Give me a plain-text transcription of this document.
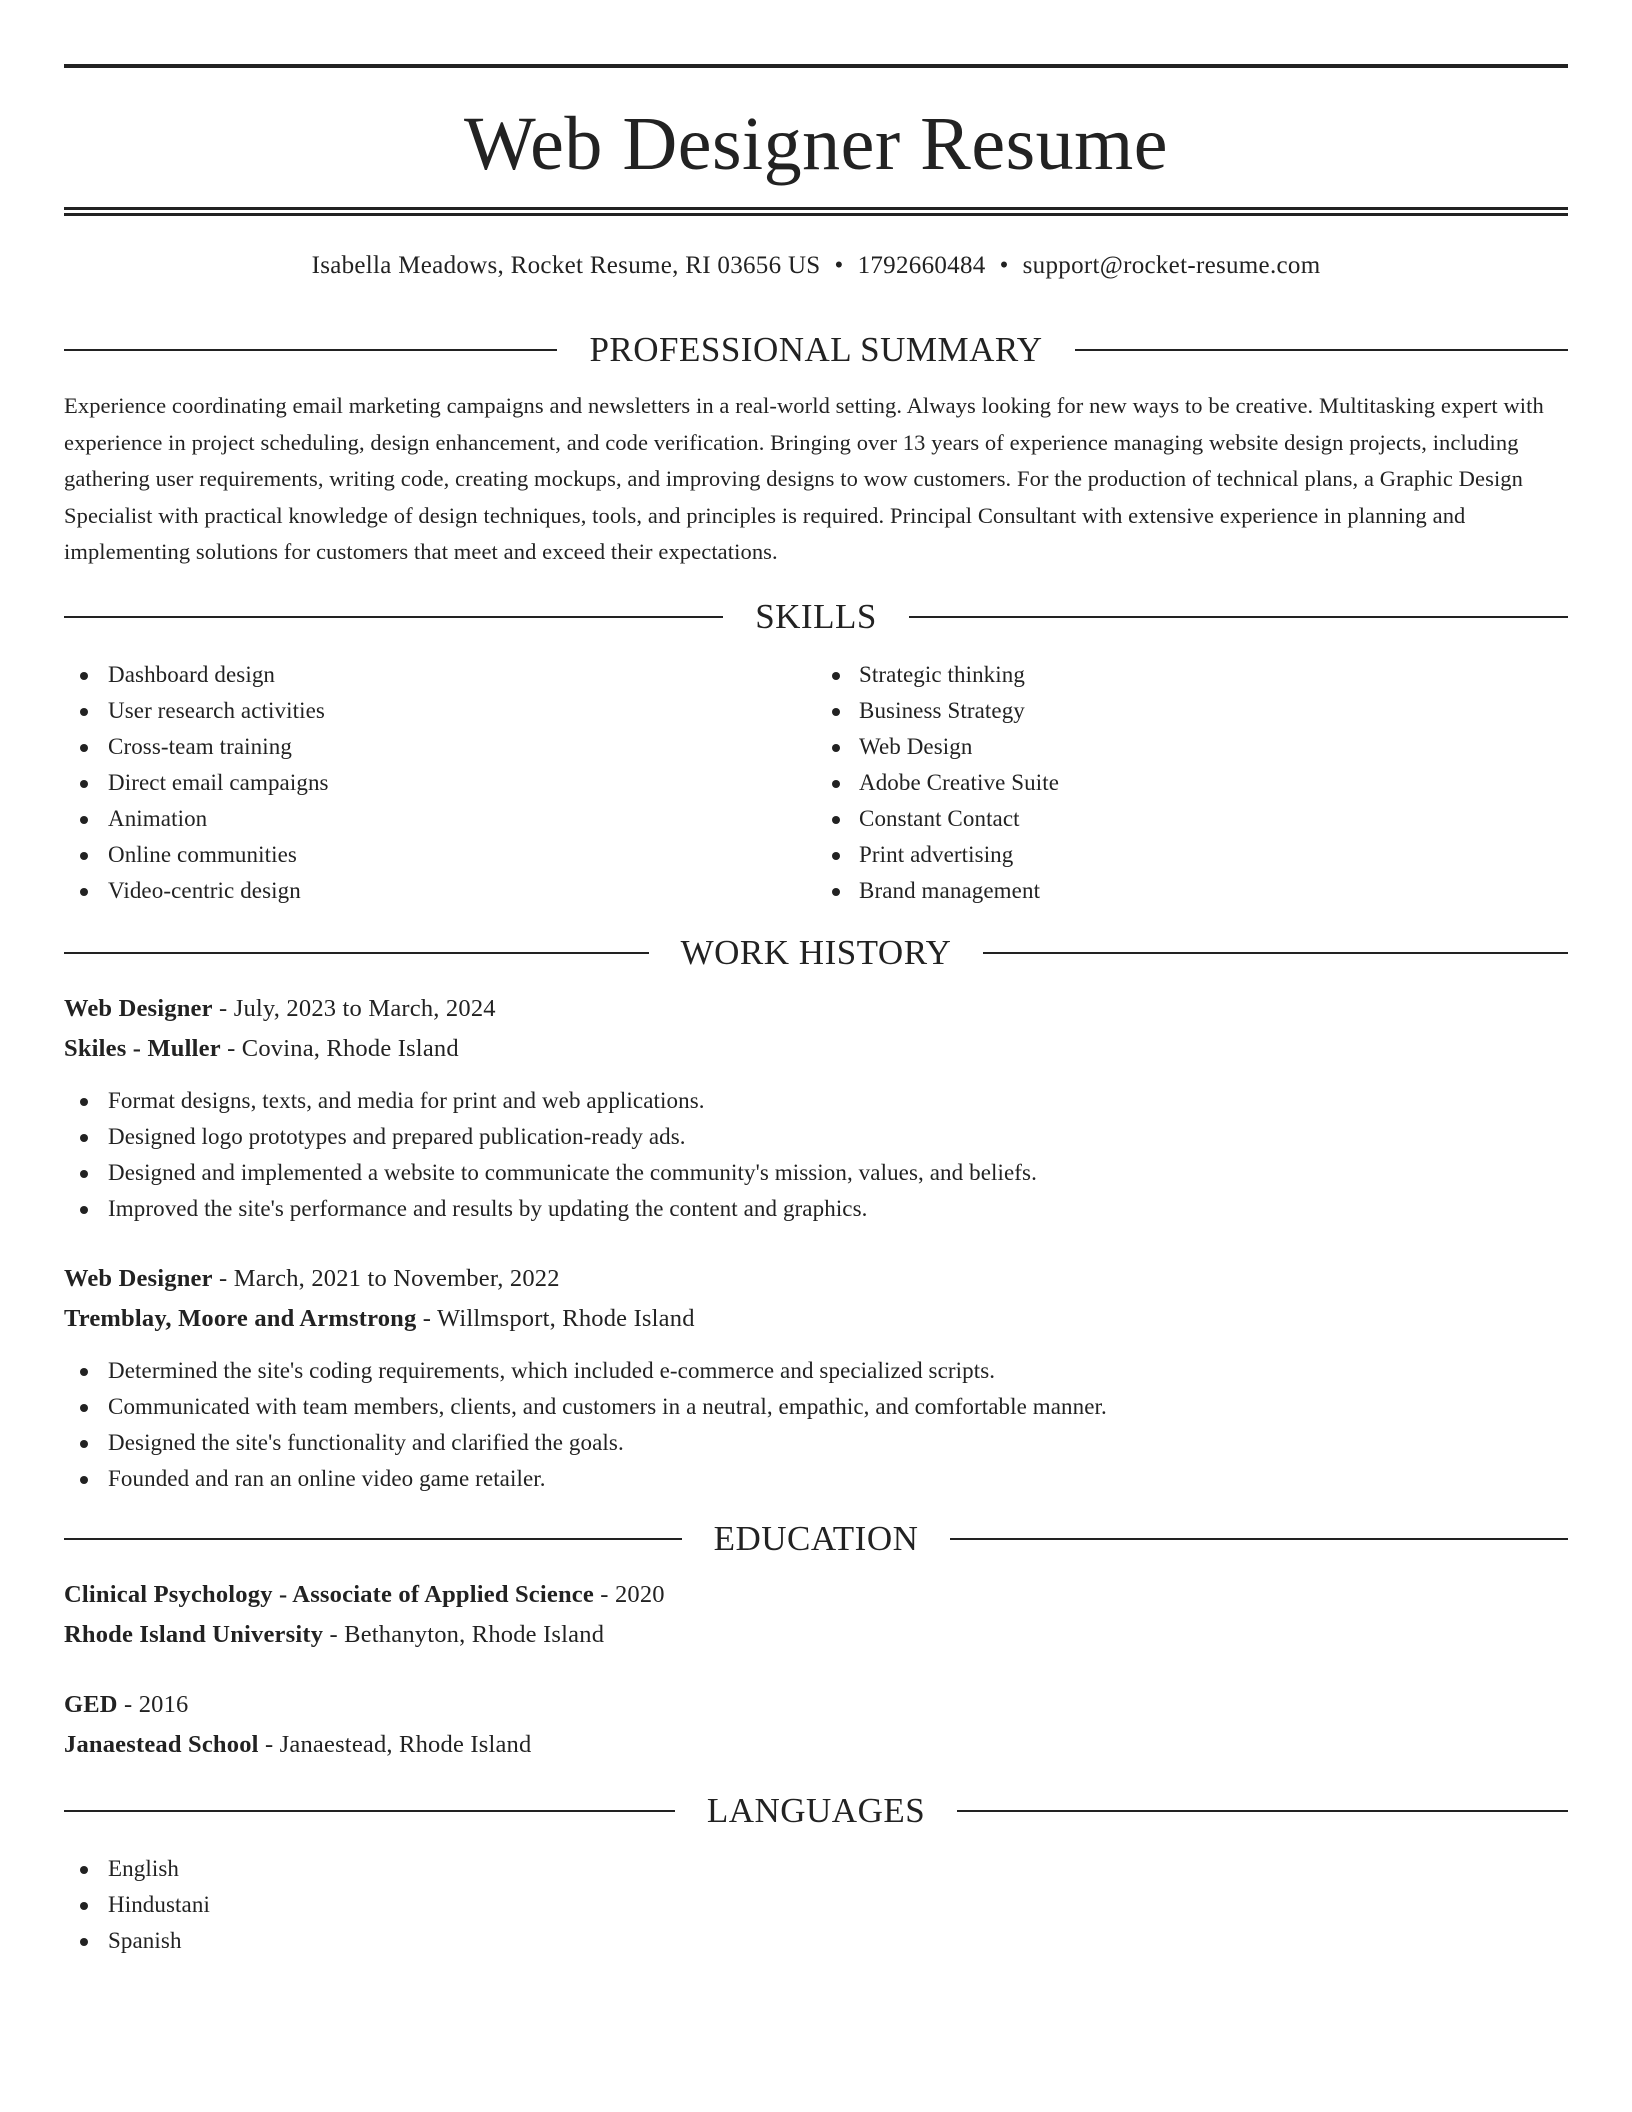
Web Designer Resume
Isabella Meadows, Rocket Resume, RI 03656 US • 1792660484 • support@rocket-resume.com
PROFESSIONAL SUMMARY
Experience coordinating email marketing campaigns and newsletters in a real-world setting. Always looking for new ways to be creative. Multitasking expert with experience in project scheduling, design enhancement, and code verification. Bringing over 13 years of experience managing website design projects, including gathering user requirements, writing code, creating mockups, and improving designs to wow customers. For the production of technical plans, a Graphic Design Specialist with practical knowledge of design techniques, tools, and principles is required. Principal Consultant with extensive experience in planning and implementing solutions for customers that meet and exceed their expectations.
SKILLS
Dashboard design
User research activities
Cross-team training
Direct email campaigns
Animation
Online communities
Video-centric design
Strategic thinking
Business Strategy
Web Design
Adobe Creative Suite
Constant Contact
Print advertising
Brand management
WORK HISTORY
Web Designer - July, 2023 to March, 2024
Skiles - Muller - Covina, Rhode Island
Format designs, texts, and media for print and web applications.
Designed logo prototypes and prepared publication-ready ads.
Designed and implemented a website to communicate the community's mission, values, and beliefs.
Improved the site's performance and results by updating the content and graphics.
Web Designer - March, 2021 to November, 2022
Tremblay, Moore and Armstrong - Willmsport, Rhode Island
Determined the site's coding requirements, which included e-commerce and specialized scripts.
Communicated with team members, clients, and customers in a neutral, empathic, and comfortable manner.
Designed the site's functionality and clarified the goals.
Founded and ran an online video game retailer.
EDUCATION
Clinical Psychology - Associate of Applied Science - 2020
Rhode Island University - Bethanyton, Rhode Island
GED - 2016
Janaestead School - Janaestead, Rhode Island
LANGUAGES
English
Hindustani
Spanish
